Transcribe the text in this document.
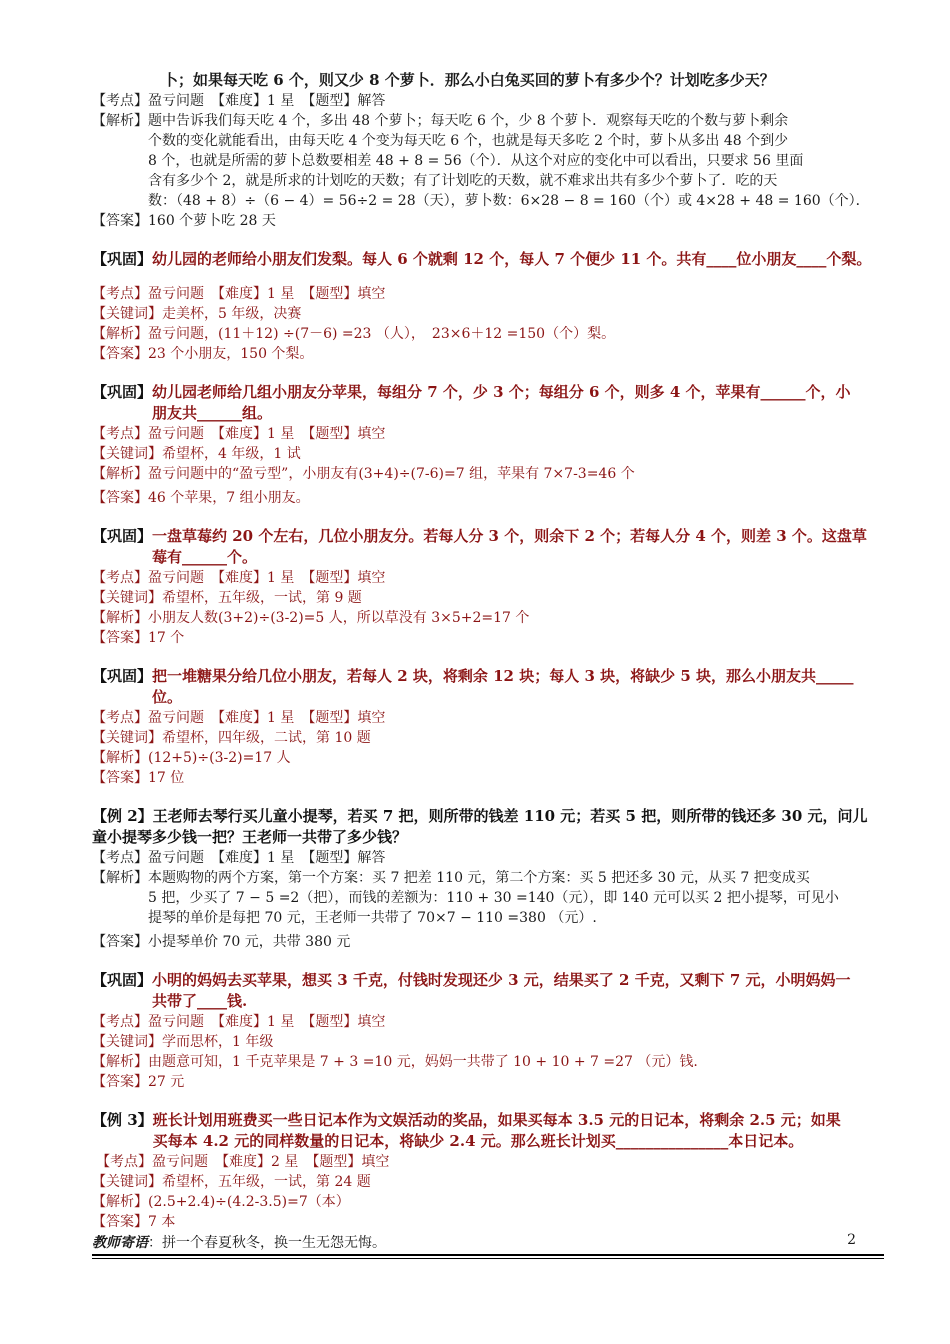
卜；如果每天吃 6 个，则又少 8 个萝卜．那么小白兔买回的萝卜有多少个？计划吃多少天？
【考点】盈亏问题　【难度】1 星　【题型】解答
【解析】 题中告诉我们每天吃 4 个，多出 48 个萝卜；每天吃 6 个，少 8 个萝卜．观察每天吃的个数与萝卜剩余
个数的变化就能看出，由每天吃 4 个变为每天吃 6 个，也就是每天多吃 2 个时，萝卜从多出 48 个到少
8 个，也就是所需的萝卜总数要相差 48 + 8 = 56（个）．从这个对应的变化中可以看出，只要求 56 里面
含有多少个 2，就是所求的计划吃的天数；有了计划吃的天数，就不难求出共有多少个萝卜了．吃的天
数：（48 + 8）÷（6 − 4）= 56÷2 = 28（天），萝卜数：6×28 − 8 = 160（个）或 4×28 + 48 = 160（个）．
【答案】 160 个萝卜吃 28 天
【巩固】 幼儿园的老师给小朋友们发梨。每人 6 个就剩 12 个，每人 7 个便少 11 个。共有____位小朋友____个梨。
【考点】盈亏问题　【难度】1 星　【题型】填空
【关键词】 走美杯，5 年级，决赛
【解析】 盈亏问题，(11＋12) ÷(7－6) =23 （人），　23×6＋12 =150（个）梨。
【答案】 23 个小朋友，150 个梨。
【巩固】 幼儿园老师给几组小朋友分苹果，每组分 7 个，少 3 个；每组分 6 个，则多 4 个，苹果有______个，小
朋友共______组。
【考点】盈亏问题　【难度】1 星　【题型】填空
【关键词】 希望杯，4 年级，1 试
【解析】 盈亏问题中的“盈亏型”，小朋友有(3+4)÷(7-6)=7 组，苹果有 7×7-3=46 个
【答案】 46 个苹果，7 组小朋友。
【巩固】 一盘草莓约 20 个左右，几位小朋友分。若每人分 3 个，则余下 2 个；若每人分 4 个，则差 3 个。这盘草
莓有______个。
【考点】盈亏问题　【难度】1 星　【题型】填空
【关键词】 希望杯，五年级，一试，第 9 题
【解析】 小朋友人数(3+2)÷(3-2)=5 人，所以草没有 3×5+2=17 个
【答案】 17 个
【巩固】 把一堆糖果分给几位小朋友，若每人 2 块，将剩余 12 块；每人 3 块，将缺少 5 块，那么小朋友共_____
位。
【考点】盈亏问题　【难度】1 星　【题型】填空
【关键词】 希望杯，四年级，二试，第 10 题
【解析】 (12+5)÷(3-2)=17 人
【答案】 17 位
【例 2】 王老师去琴行买儿童小提琴，若买 7 把，则所带的钱差 110 元；若买 5 把，则所带的钱还多 30 元，问儿
童小提琴多少钱一把？王老师一共带了多少钱？
【考点】盈亏问题　【难度】1 星　【题型】解答
【解析】 本题购物的两个方案，第一个方案：买 7 把差 110 元，第二个方案：买 5 把还多 30 元，从买 7 把变成买
5 把，少买了 7 − 5 =2（把），而钱的差额为：110 + 30 =140（元），即 140 元可以买 2 把小提琴，可见小
提琴的单价是每把 70 元，王老师一共带了 70×7 − 110 =380 （元）.
【答案】 小提琴单价 70 元，共带 380 元
【巩固】 小明的妈妈去买苹果，想买 3 千克，付钱时发现还少 3 元，结果买了 2 千克，又剩下 7 元，小明妈妈一
共带了____钱.
【考点】盈亏问题　【难度】1 星　【题型】填空
【关键词】 学而思杯，1 年级
【解析】 由题意可知，1 千克苹果是 7 + 3 =10 元，妈妈一共带了 10 + 10 + 7 =27 （元）钱.
【答案】 27 元
【例 3】 班长计划用班费买一些日记本作为文娱活动的奖品，如果买每本 3.5 元的日记本，将剩余 2.5 元；如果
买每本 4.2 元的同样数量的日记本，将缺少 2.4 元。那么班长计划买_______________本日记本。
【考点】盈亏问题　【难度】2 星　【题型】填空
【关键词】 希望杯，五年级，一试，第 24 题
【解析】 (2.5+2.4)÷(4.2-3.5)=7（本）
【答案】 7 本
教师寄语：拼一个春夏秋冬，换一生无怨无悔。	2
